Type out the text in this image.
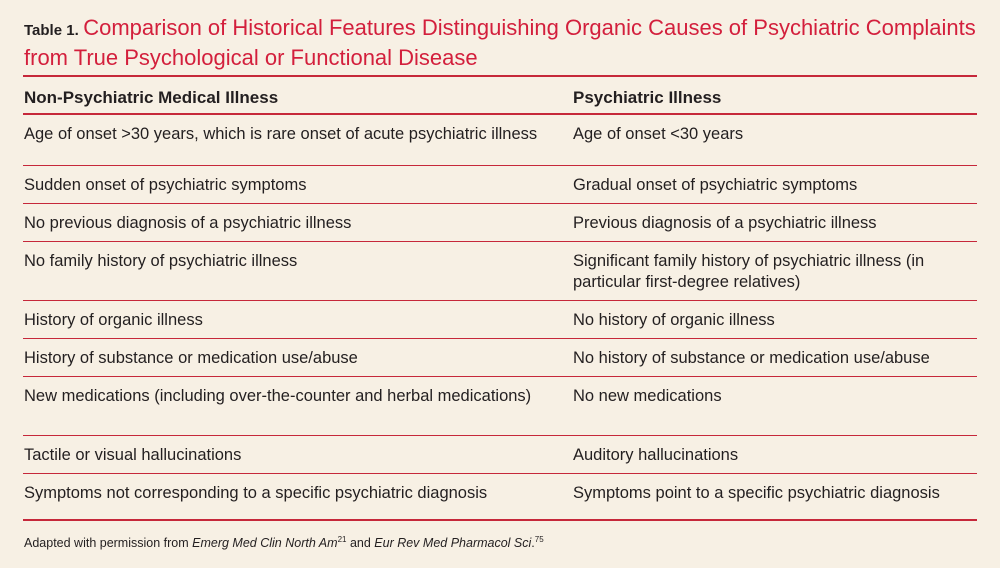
Table 1. Comparison of Historical Features Distinguishing Organic Causes of Psychiatric Complaints from True Psychological or Functional Disease
Non-Psychiatric Medical Illness	Psychiatric Illness
Age of onset >30 years, which is rare onset of acute psychiatric illness	Age of onset <30 years
Sudden onset of psychiatric symptoms	Gradual onset of psychiatric symptoms
No previous diagnosis of a psychiatric illness	Previous diagnosis of a psychiatric illness
No family history of psychiatric illness	Significant family history of psychiatric illness (in particular first-degree relatives)
History of organic illness	No history of organic illness
History of substance or medication use/abuse	No history of substance or medication use/abuse
New medications (including over-the-counter and herbal medications)	No new medications
Tactile or visual hallucinations	Auditory hallucinations
Symptoms not corresponding to a specific psychiatric diagnosis	Symptoms point to a specific psychiatric diagnosis
Adapted with permission from Emerg Med Clin North Am$^{21}$ and Eur Rev Med Pharmacol Sci.$^{75}$
